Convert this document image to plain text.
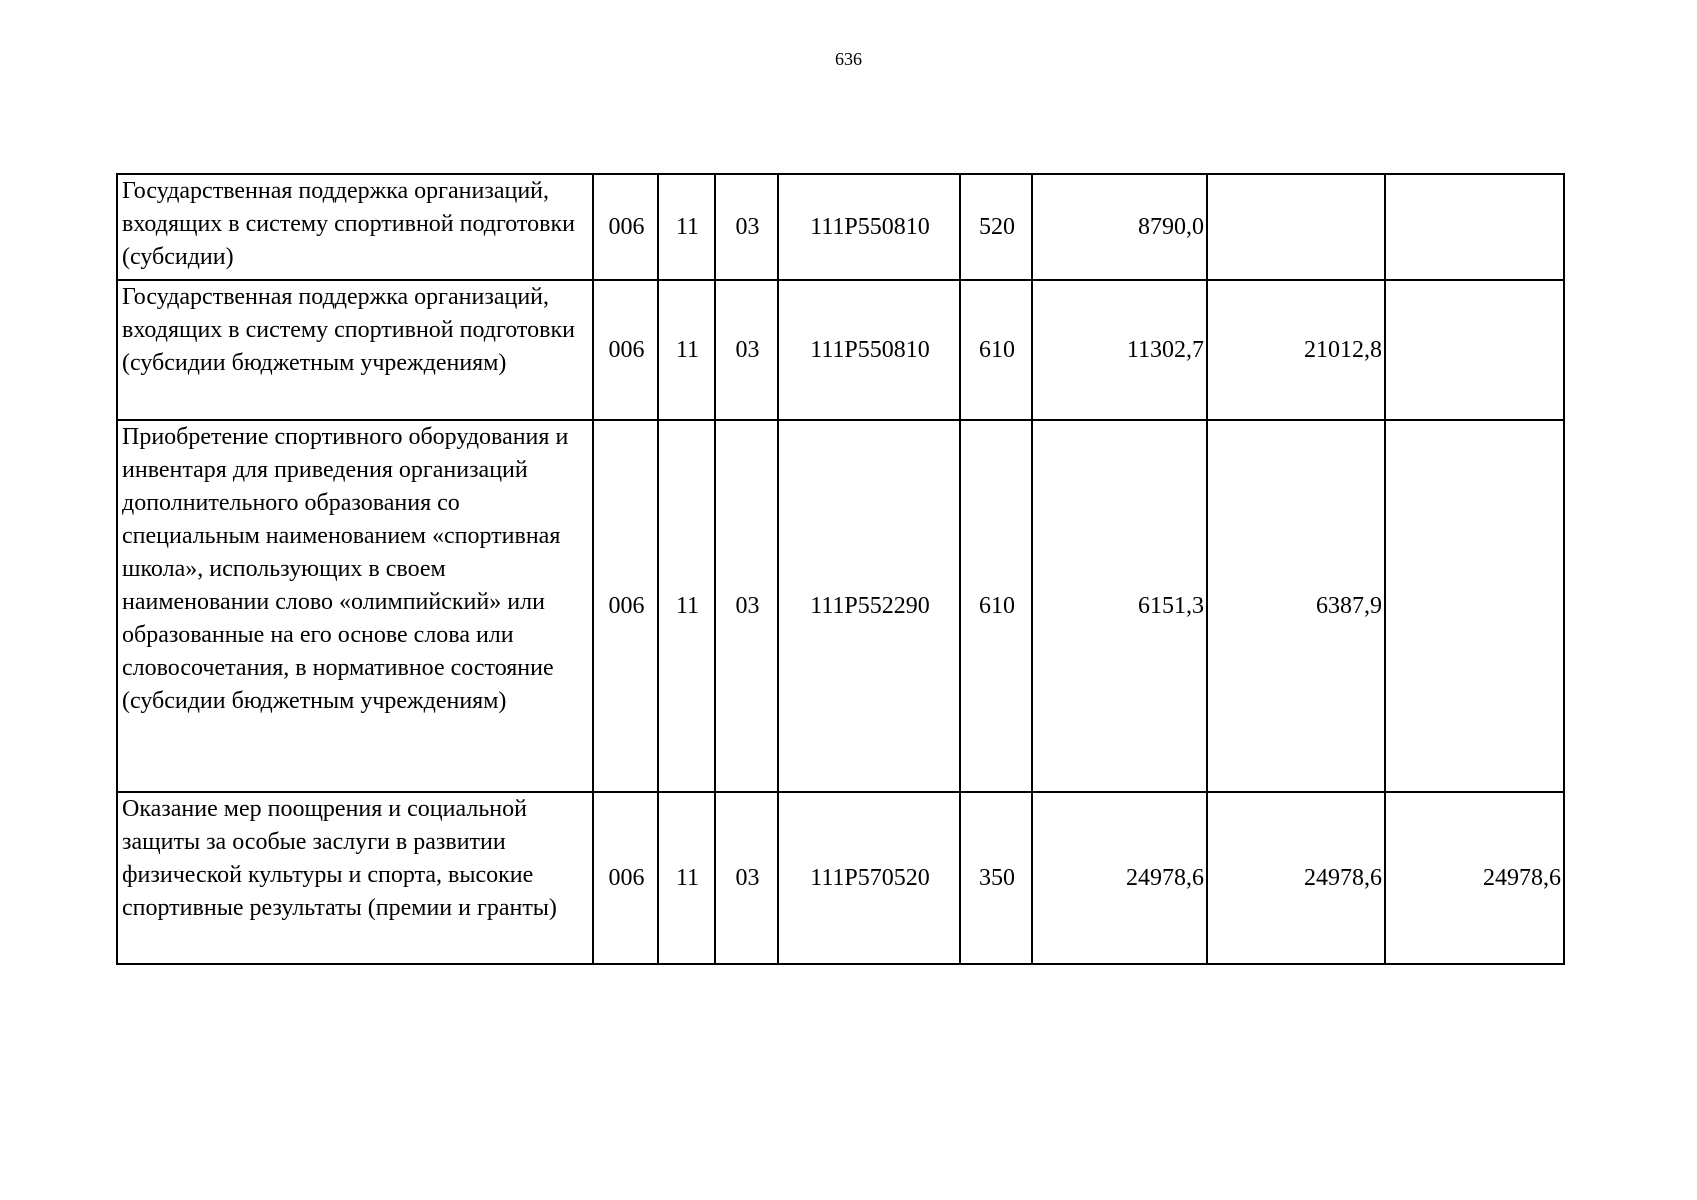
636
Государственная поддержка организаций, входящих в систему спортивной подготовки (субсидии)	006	11	03	111P550810	520	8790,0		
Государственная поддержка организаций, входящих в систему спортивной подготовки (субсидии бюджетным учреждениям)	006	11	03	111P550810	610	11302,7	21012,8	
Приобретение спортивного оборудования и инвентаря для приведения организаций дополнительного образования со специальным наименованием «спортивная школа», использующих в своем наименовании слово «олимпийский» или образованные на его основе слова или словосочетания, в нормативное состояние (субсидии бюджетным учреждениям)	006	11	03	111P552290	610	6151,3	6387,9	
Оказание мер поощрения и социальной защиты за особые заслуги в развитии физической культуры и спорта, высокие спортивные результаты (премии и гранты)	006	11	03	111P570520	350	24978,6	24978,6	24978,6
